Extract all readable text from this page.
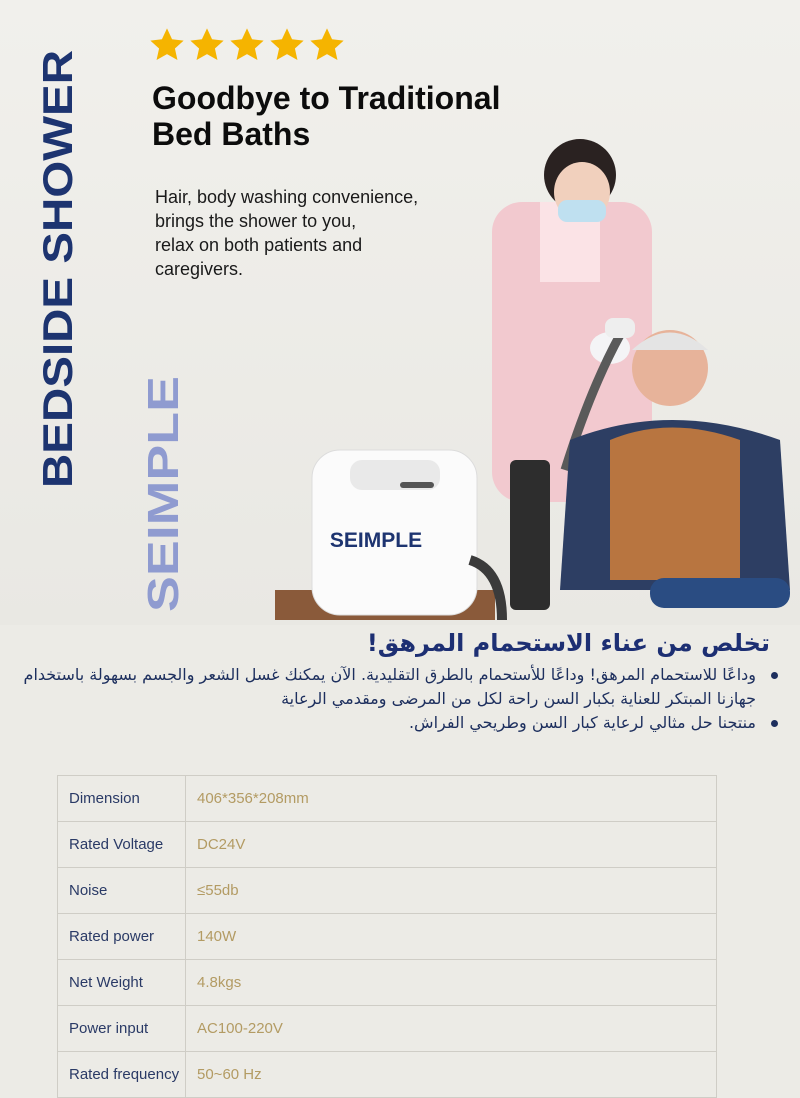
Goodbye to Traditional
Bed Baths
Hair, body washing convenience,
brings the shower to you,
relax on both patients and
caregivers.
BEDSIDE SHOWER
SEIMPLE	SEIMPLE
تخلص من عناء الاستحمام المرهق!
وداعًا للاستحمام المرهق! وداعًا للأستحمام بالطرق التقليدية. الآن يمكنك غسل الشعر والجسم بسهولة باستخدام جهازنا المبتكر للعناية بكبار السن راحة لكل من المرضى ومقدمي الرعاية
منتجنا حل مثالي لرعاية كبار السن وطريحي الفراش.
Dimension	406*356*208mm
Rated Voltage	DC24V
Noise	≤55db
Rated power	140W
Net Weight	4.8kgs
Power input	AC100-220V
Rated frequency	50~60 Hz
